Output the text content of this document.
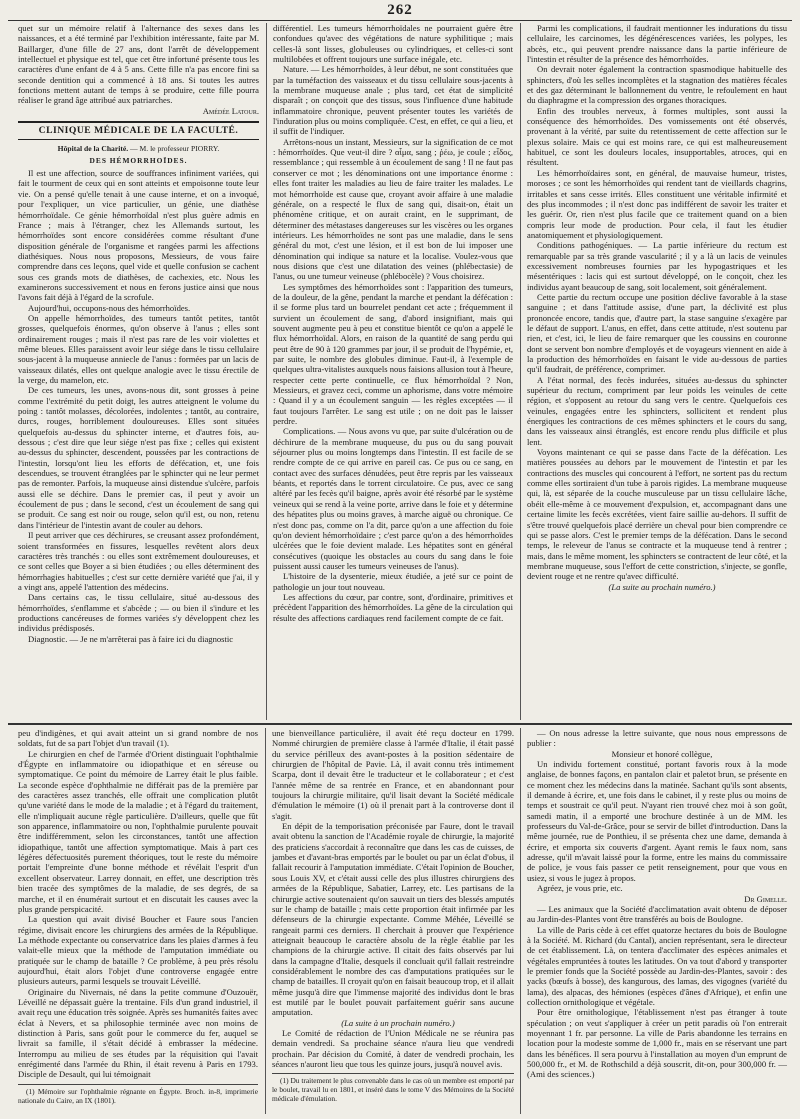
262

quet sur un mémoire relatif à l'alternance des sexes dans les naissances, et a été terminé par l'exhibition intéressante, faite par M. Baillarger, d'une fille de 27 ans, dont l'arrêt de développement intellectuel et physique est tel, que cet être infortuné présente tous les caractères d'une enfant de 4 à 5 ans. Cette fille n'a pas encore fini sa seconde dentition qui a commencé à 18 ans. Si toutes les autres fonctions mettent autant de temps à se produire, cette fille pourra réaliser le grand âge attribué aux patriarches.

Amédée Latour.
CLINIQUE MÉDICALE DE LA FACULTÉ.
Hôpital de la Charité. — M. le professeur PIORRY.
DES HÉMORRHOÏDES.

Il est une affection, source de souffrances infiniment variées, qui fait le tourment de ceux qui en sont atteints et empoisonne toute leur vie. On a pensé qu'elle tenait à une cause interne, et on a invoqué, pour l'expliquer, un vice particulier, un génie, une diathèse hémorrhoïdale. Ce génie hémorrhoïdal n'est plus guère admis en France ; mais à l'étranger, chez les Allemands surtout, les hémorrhoïdes sont encore considérées comme résultant d'une disposition générale de l'organisme et rangées parmi les affections diathésiques. Nous nous proposons, Messieurs, de vous faire comprendre dans ces leçons, quel vide et quelle confusion se cachent sous ces grands mots de diathèses, de cachexies, etc. Nous les examinerons successivement et nous en ferons justice ainsi que nous l'avons fait déjà à l'égard de la scrofule.

Aujourd'hui, occupons-nous des hémorrhoïdes.

On appelle hémorrhoïdes, des tumeurs tantôt petites, tantôt grosses, quelquefois énormes, qu'on observe à l'anus ; elles sont ordinairement rouges ; mais il n'est pas rare de les voir violettes et même bleues. Elles paraissent avoir leur siége dans le tissu cellulaire sous-jacent à la muqueuse anniecle de l'anus : formées par un lacis de vaisseaux dilatés, elles ont quelque analogie avec le tissu érectile de la verge, du mamelon, etc.

De ces tumeurs, les unes, avons-nous dit, sont grosses à peine comme l'extrémité du petit doigt, les autres atteignent le volume du poing : tantôt molasses, décolorées, indolentes ; tantôt, au contraire, durcs, rouges, horriblement douloureuses. Elles sont situées quelquefois au-dessus du sphincter interne, et d'autres fois, au-dessous ; c'est dire que leur siége n'est pas fixe ; celles qui existent au-dessus du sphincter, descendent, poussées par les contractions de l'intestin, lorsqu'ont lieu les efforts de défécation, et, une fois descendues, se trouvent étranglées par le sphincter qui ne leur permet pas de remonter. Parfois, la muqueuse ainsi distendue s'ulcère, parfois aussi elle se déchire. Dans le premier cas, il peut y avoir un écoulement de pus ; dans le second, c'est un écoulement de sang qui se produit. Ce sang est noir ou rouge, selon qu'il est, ou non, retenu dans l'intérieur de l'intestin avant de couler au dehors.

Il peut arriver que ces déchirures, se creusant assez profondément, soient transformées en fissures, lesquelles revêtent alors deux caractères très tranchés : ou elles sont extrêmement douloureuses, et ce sont celles que Boyer a si bien étudiées ; ou elles déterminent des hémorrhagies habituelles ; c'est sur cette dernière variété que j'ai, il y a vingt ans, appelé l'attention des médecins.

Dans certains cas, le tissu cellulaire, situé au-dessous des hémorrhoïdes, s'enflamme et s'abcède ; — ou bien il s'indure et les productions cancéreuses de formes variées s'y développent chez les individus prédisposés.

Diagnostic. — Je ne m'arrêterai pas à faire ici du diagnostic

différentiel. Les tumeurs hémorrhoïdales ne pourraient guère être confondues qu'avec des végétations de nature syphilitique ; mais celles-là sont lisses, globuleuses ou cylindriques, et celles-ci sont multilobées et offrent toujours une surface inégale, etc.

Nature. — Les hémorrhoïdes, à leur début, ne sont constituées que par la tuméfaction des vaisseaux et du tissu cellulaire sous-jacents à la membrane muqueuse anale ; plus tard, cet état de simplicité disparaît ; on conçoit que des tissus, sous l'influence d'une habitude inflammatoire chronique, peuvent présenter toutes les variétés de l'induration plus ou moins compliquée. C'est, en effet, ce qui a lieu, et il suffit de l'indiquer.

Arrêtons-nous un instant, Messieurs, sur la signification de ce mot : hémorrhoïdes. Que veut-il dire ? αἷμα, sang ; ῥέω, je coule ; εἶδος, ressemblance ; qui ressemble à un écoulement de sang ! Il ne faut pas conserver ce mot ; les dénominations ont une importance énorme : elles font traiter les maladies au lieu de faire traiter les malades. Le mot hémorrhoïde est cause que, croyant avoir affaire à une maladie générale, on a respecté le flux de sang qui, disait-on, était un phénomène critique, et on aurait craint, en le supprimant, de déterminer des métastases dangereuses sur les viscères ou les organes intérieurs. Les hémorrhoïdes ne sont pas une maladie, dans le sens général du mot, c'est une lésion, et il est bon de lui imposer une dénomination qui indique sa nature et la localise. Voulez-vous que nous disions que c'est une dilatation des veines (phlébectasie) de l'anus, ou une tumeur veineuse (phlébocèle) ? Vous choisirez.

Les symptômes des hémorrhoïdes sont : l'apparition des tumeurs, de la douleur, de la gêne, pendant la marche et pendant la défécation : il se forme plus tard un bourrelet pendant cet acte ; fréquemment il survient un écoulement de sang, d'abord insignifiant, mais qui souvent augmente peu à peu et constitue bientôt ce qu'on a appelé le flux hémorrhoïdal. Alors, en raison de la quantité de sang perdu qui peut être de 90 à 120 grammes par jour, il se produit de l'hypémie, et, par suite, le nombre des globules diminue. Faut-il, à l'exemple de quelques ultra-vitalistes auxquels nous faisions allusion tout à l'heure, respecter cette perte continuelle, ce flux hémorrhoïdal ? Non, Messieurs, et gravez ceci, comme un aphorisme, dans votre mémoire : Quand il y a un écoulement sanguin — les règles exceptées — il faut toujours l'arrêter. Le sang est utile ; on ne doit pas le laisser perdre.

Complications. — Nous avons vu que, par suite d'ulcération ou de déchirure de la membrane muqueuse, du pus ou du sang pouvait séjourner plus ou moins longtemps dans l'intestin. Il est facile de se rendre compte de ce qui arrive en pareil cas. Ce pus ou ce sang, en contact avec des surfaces dénudées, peut être repris par les vaisseaux béants, et reportés dans le torrent circulatoire. Ce pus, avec ce sang altéré par les fecès qu'il baigne, après avoir été résorbé par le système veineux qui se rend à la veine porte, arrive dans le foie et y détermine des hépatites plus ou moins graves, à marche aiguë ou chronique. Ce n'est donc pas, comme on l'a dit, parce qu'on a une affection du foie qu'on devient hémorrhoïdaire ; c'est parce qu'on a des hémorrhoïdes ulcérées que le foie devient malade. Les hépatites sont en général consécutives (quoique les obstacles au cours du sang dans le foie puissent aussi causer les tumeurs veineuses de l'anus).

L'histoire de la dysenterie, mieux étudiée, a jeté sur ce point de pathologie un jour tout nouveau.

Les affections du cœur, par contre, sont, d'ordinaire, primitives et précèdent l'apparition des hémorrhoïdes. La gêne de la circulation qui résulte des affections cardiaques rend facilement compte de ce fait.

Parmi les complications, il faudrait mentionner les indurations du tissu cellulaire, les carcinomes, les dégénérescences variées, les polypes, les abcès, etc., qui peuvent prendre naissance dans la partie inférieure de l'intestin et résulter de la présence des hémorrhoïdes.

On devrait noter également la contraction spasmodique habituelle des sphincters, d'où les selles incomplètes et la stagnation des matières fécales et des gaz déterminant le ballonnement du ventre, le refoulement en haut du diaphragme et la compression des organes thoraciques.

Enfin des troubles nerveux, à formes multiples, sont aussi la conséquence des hémorrhoïdes. Des vomissements ont été observés, provenant à la vérité, par suite du retentissement de cette affection sur le plexus solaire. Mais ce qui est moins rare, ce qui est malheureusement habituel, ce sont les douleurs locales, insupportables, atroces, qui en résultent.

Les hémorrhoïdaires sont, en général, de mauvaise humeur, tristes, moroses ; ce sont les hémorrhoïdes qui rendent tant de vieillards chagrins, irritables et sans cesse irrités. Elles constituent une véritable infirmité et des plus incommodes ; il n'est donc pas indifférent de savoir les traiter et les guérir. Or, rien n'est plus facile que ce traitement quand on a bien compris leur mode de production. Pour cela, il faut les étudier anatomiquement et physiologiquement.

Conditions pathogéniques. — La partie inférieure du rectum est remarquable par sa très grande vascularité ; il y a là un lacis de veinules excessivement nombreuses fournies par les hypogastriques et les mésentériques : lacis qui est surtout développé, on le conçoit, chez les individus ayant beaucoup de sang, soit localement, soit généralement.

Cette partie du rectum occupe une position déclive favorable à la stase sanguine ; et dans l'attitude assise, d'une part, la déclivité est plus prononcée encore, tandis que, d'autre part, la stase sanguine s'exagère par le défaut de support. L'anus, en effet, dans cette attitude, n'est soutenu par rien, et c'est, ici, le lieu de faire remarquer que les coussins en couronne dont se servent bon nombre d'employés et de voyageurs viennent en aide à la production des hémorrhoïdes en faisant le vide au-dessous de parties qu'il faudrait, de préférence, comprimer.

A l'état normal, des fecès indurées, situées au-dessus du sphincter supérieur du rectum, compriment par leur poids les veinules de cette région, et s'opposent au retour du sang vers le centre. Quelquefois ces veinules, engagées entre les sphincters, sollicitent et rendent plus énergiques les contractions de ces mêmes sphincters et le cours du sang, dans les vaisseaux ainsi étranglés, est encore rendu plus difficile et plus lent.

Voyons maintenant ce qui se passe dans l'acte de la défécation. Les matières poussées au dehors par le mouvement de l'intestin et par les contractions des muscles qui concourent à l'effort, ne sortent pas du rectum comme elles sortiraient d'un tube à parois rigides. La membrane muqueuse qui, là, est séparée de la couche musculeuse par un tissu cellulaire lâche, obéit elle-même à ce mouvement d'expulsion, et, accompagnant dans une certaine limite les fecès excrétées, vient faire saillie au-dehors. Il suffit de s'être trouvé quelquefois placé derrière un cheval pour bien comprendre ce qui se passe alors. C'est le premier temps de la défécation. Dans le second temps, le releveur de l'anus se contracte et la muqueuse tend à rentrer ; mais, dans le même moment, les sphincters se contractent de leur côté, et la membrane muqueuse, sous l'effort de cette constriction, s'injecte, se gonfle, devient rouge et ne rentre qu'avec difficulté.

(La suite au prochain numéro.)

peu d'indigènes, et qui avait atteint un si grand nombre de nos soldats, fut de sa part l'objet d'un travail (1).

Le chirurgien en chef de l'armée d'Orient distinguait l'ophthalmie d'Égypte en inflammatoire ou idiopathique et en séreuse ou symptomatique. Ce point du mémoire de Larrey était le plus faible. La seconde espèce d'ophthalmie ne différait pas de la première par des caractères assez tranchés, elle offrait une complication plutôt qu'une variété dans le mode de la maladie ; et à l'égard du traitement, elle n'impliquait aucune règle particulière. D'ailleurs, quelle que fût son apparence, inflammatoire ou non, l'ophthalmie purulente pouvait être indifféremment, selon les circonstances, tantôt une affection idiopathique, tantôt une affection symptomatique. Mais à part ces légères défectuosités purement théoriques, tout le reste du mémoire portait l'empreinte d'une bonne méthode et révélait l'esprit d'un excellent observateur. Larrey donnait, en effet, une description très bien tracée des symptômes de la maladie, de ses degrés, de sa marche, et il en énumérait surtout et en discutait les causes avec la plus grande perspicacité.

La question qui avait divisé Boucher et Faure sous l'ancien régime, divisait encore les chirurgiens des armées de la République. La méthode expectante ou conservatrice dans les plaies d'armes à feu valait-elle mieux que la méthode de l'amputation immédiate ou pratiquée sur le champ de bataille ? Ce problème, à peu près résolu aujourd'hui, était alors l'objet d'une controverse engagée entre plusieurs auteurs, parmi lesquels se trouvait Léveillé.

Originaire du Nivernais, né dans la petite commune d'Ouzouër, Léveillé ne dépassait guère la trentaine. Fils d'un grand industriel, il avait reçu une éducation très soignée. Après ses humanités faites avec éclat à Nevers, et sa philosophie terminée avec non moins de distinction à Paris, sans goût pour le commerce du fer, auquel se livrait sa famille, il s'était décidé à embrasser la médecine. Interrompu au milieu de ses études par la réquisition qui l'avait enrégimenté dans l'armée du Rhin, il était revenu à Paris en 1793. Disciple de Desault, qui lui témoignait

(1) Mémoire sur l'ophthalmie régnante en Égypte. Broch. in-8, imprimerie nationale du Caire, an IX (1801).

une bienveillance particulière, il avait été reçu docteur en 1799. Nommé chirurgien de première classe à l'armée d'Italie, il était passé du service périlleux des avant-postes à la position sédentaire de chirurgien de l'hôpital de Pavie. Là, il avait connu très intimement Scarpa, dont il devait être le traducteur et le collaborateur ; et c'est l'année même de sa rentrée en France, et en abandonnant pour toujours la chirurgie militaire, qu'il lisait devant la Société médicale d'émulation le mémoire (1) où il prenait part à la controverse dont il s'agit.

En dépit de la temporisation préconisée par Faure, dont le travail avait obtenu la sanction de l'Académie royale de chirurgie, la majorité des praticiens s'accordait à reconnaître que dans les cas de cuisses, de jambes et d'avant-bras emportés par le boulet ou par un éclat d'obus, il fallait recourir à l'amputation immédiate. C'était l'opinion de Boucher, sous Louis XV, et c'était aussi celle des plus illustres chirurgiens des armées de la République, Sabatier, Larrey, etc. Les partisans de la chirurgie active soutenaient qu'on sauvait un tiers des blessés amputés sur le champ de bataille ; mais cette proportion était infirmée par les défenseurs de la chirurgie expectante. Comme Méhée, Léveillé se rangeait parmi ces derniers. Il cherchait à prouver que l'expérience atteignait beaucoup le caractère absolu de la règle établie par les champions de la chirurgie active. Il citait des faits observés par lui dans la campagne d'Italie, desquels il concluait qu'il fallait restreindre considérablement le nombre des cas d'amputations pratiquées sur le champ de batailles. Il croyait qu'on en faisait beaucoup trop, et il allait même jusqu'à dire que l'immense majorité des individus dont le bras est mutilé par le boulet pouvait parfaitement guérir sans aucune amputation.

(La suite à un prochain numéro.)

Le Comité de rédaction de l'Union Médicale ne se réunira pas demain vendredi. Sa prochaine séance n'aura lieu que vendredi prochain. Par décision du Comité, à dater de vendredi prochain, les séances n'auront lieu que tous les quinze jours, jusqu'à nouvel avis.

(1) Du traitement le plus convenable dans le cas où un membre est emporté par le boulet, travail lu en 1801, et inséré dans le tome V des Mémoires de la Société médicale d'émulation.

— On nous adresse la lettre suivante, que nous nous empressons de publier :

Monsieur et honoré collègue,

Un individu fortement constitué, portant favoris roux à la mode anglaise, de bonnes façons, en pantalon clair et paletot brun, se présente en ce moment chez les médecins dans la matinée. Sachant qu'ils sont absents, il demande à écrire, et, une fois dans le cabinet, il y reste plus ou moins de temps et soustrait ce qu'il peut. N'ayant rien trouvé chez moi à son goût, samedi matin, il a emporté une brochure destinée à un de MM. les professeurs du Val-de-Grâce, pour se servir de billet d'introduction. Dans la même journée, rue de Ponthieu, il se présenta chez une dame, demanda à écrire, et emporta six couverts d'argent. Ayant remis le faux nom, sans adresse, qu'il m'avait laissé pour la forme, entre les mains du commissaire de police, je vous fais passer ce petit renseignement, pour que vous en usiez, si vous le jugez à propos.

Agréez, je vous prie, etc.

Dr Gimelle.

— Les animaux que la Société d'acclimatation avait obtenu de déposer au Jardin-des-Plantes vont être transférés au bois de Boulogne.

La ville de Paris cède à cet effet quatorze hectares du bois de Boulogne à la Société. M. Richard (du Cantal), ancien représentant, sera le directeur de cet établissement. Là, on tentera d'acclimater des espèces animales et végétales empruntées à toutes les latitudes. On va tout d'abord y transporter le premier fonds que la Société possède au Jardin-des-Plantes, savoir : des yacks (bœufs à bosse), des kangurous, des lamas, des vigognes (variété du lama), des alpacas, des hémiones (espèces d'ânes d'Afrique), et enfin une collection ornithologique et végétale.

Pour être ornithologique, l'établissement n'est pas étranger à toute spéculation ; on veut s'appliquer à créer un petit paradis où l'on entrerait moyennant 1 fr. par personne. La ville de Paris abandonne les terrains en location pour la modeste somme de 1,000 fr., mais en se réservant une part dans les bénéfices. Il sera pourvu à l'installation au moyen d'un emprunt de 500,000 fr., et M. de Rothschild a déjà souscrit, dit-on, pour 300,000 fr. — (Ami des sciences.)
